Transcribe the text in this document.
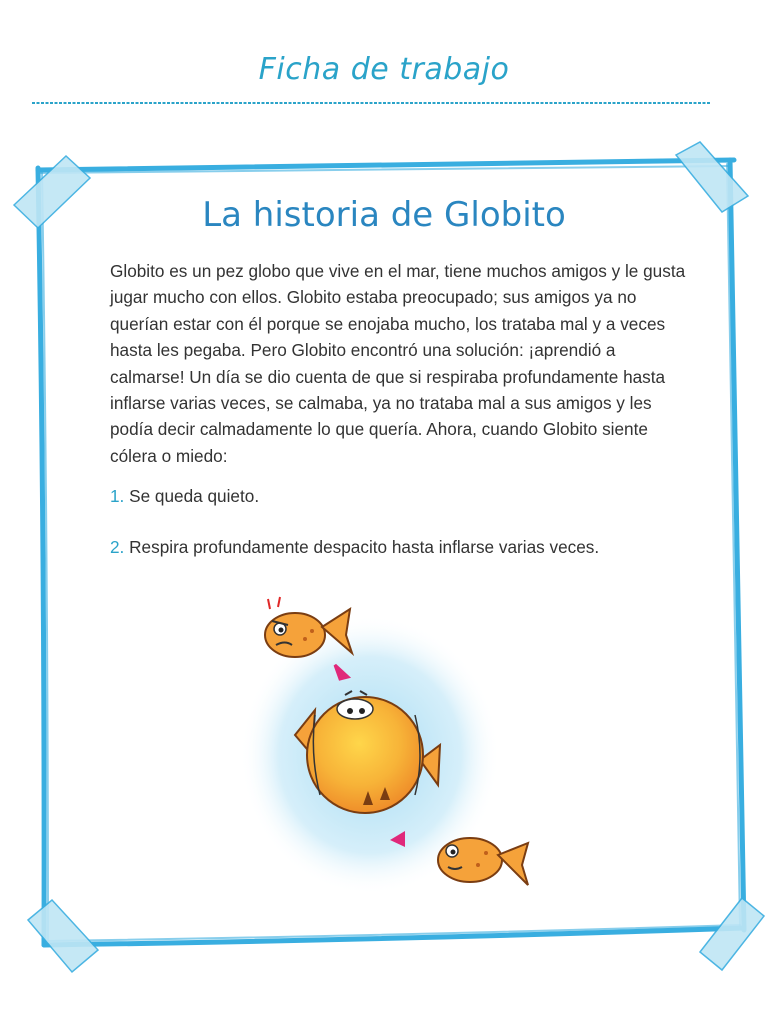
Ficha de trabajo
La historia de Globito
Globito es un pez globo que vive en el mar, tiene muchos amigos y le gusta jugar mucho con ellos. Globito estaba preocupado; sus amigos ya no querían estar con él porque se enojaba mucho, los trataba mal y a veces hasta les pegaba. Pero Globito encontró una solución: ¡aprendió a calmarse! Un día se dio cuenta de que si respiraba profundamente hasta inflarse varias veces, se calmaba, ya no trataba mal a sus amigos y les podía decir calmadamente lo que quería. Ahora, cuando Globito siente cólera o miedo:
1. Se queda quieto.
2. Respira profundamente despacito hasta inflarse varias veces.
